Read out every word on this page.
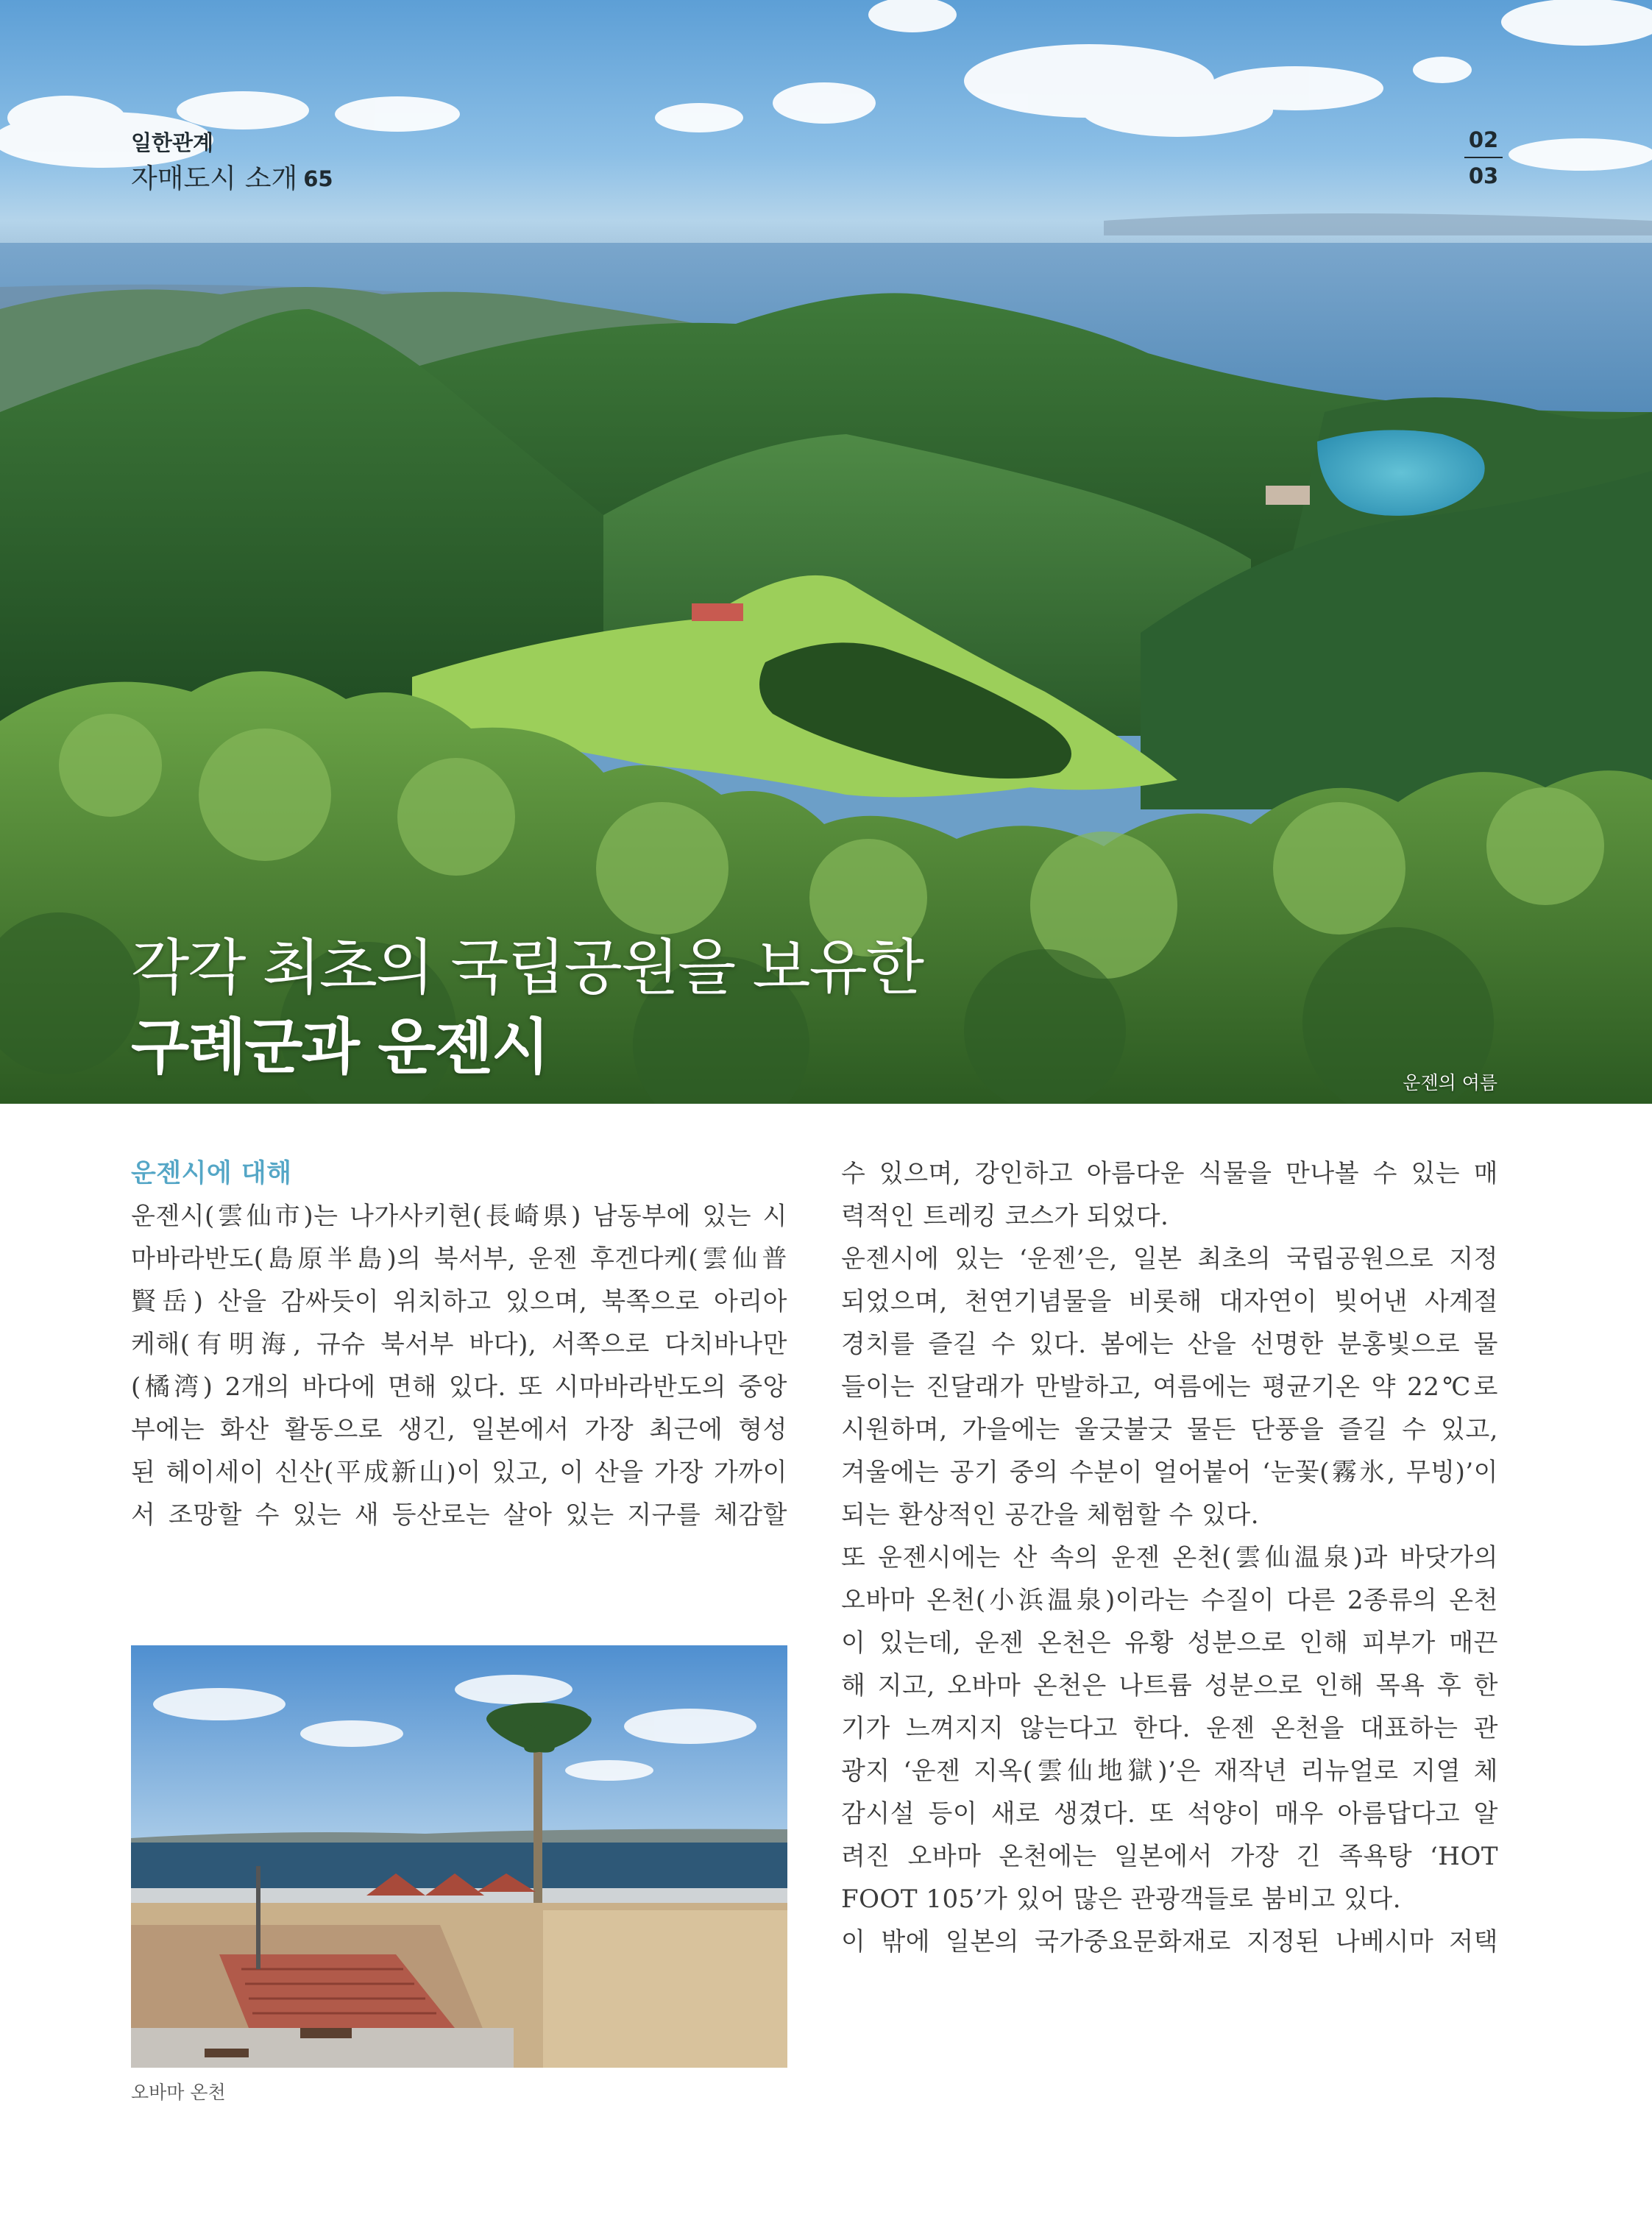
일한관계
자매도시 소개 65
02
03
각각 최초의 국립공원을 보유한
구례군과 운젠시
운젠의 여름
운젠시에 대해

운젠시(雲仙市)는 나가사키현(長崎県) 남동부에 있는 시

마바라반도(島原半島)의 북서부, 운젠 후겐다케(雲仙普

賢岳) 산을 감싸듯이 위치하고 있으며, 북쪽으로 아리아

케해(有明海, 규슈 북서부 바다), 서쪽으로 다치바나만

(橘湾) 2개의 바다에 면해 있다. 또 시마바라반도의 중앙

부에는 화산 활동으로 생긴, 일본에서 가장 최근에 형성

된 헤이세이 신산(平成新山)이 있고, 이 산을 가장 가까이

서 조망할 수 있는 새 등산로는 살아 있는 지구를 체감할

오바마 온천

수 있으며, 강인하고 아름다운 식물을 만나볼 수 있는 매

력적인 트레킹 코스가 되었다.

운젠시에 있는 ‘운젠’은, 일본 최초의 국립공원으로 지정

되었으며, 천연기념물을 비롯해 대자연이 빚어낸 사계절

경치를 즐길 수 있다. 봄에는 산을 선명한 분홍빛으로 물

들이는 진달래가 만발하고, 여름에는 평균기온 약 22℃로

시원하며, 가을에는 울긋불긋 물든 단풍을 즐길 수 있고,

겨울에는 공기 중의 수분이 얼어붙어 ‘눈꽃(霧氷, 무빙)’이

되는 환상적인 공간을 체험할 수 있다.

또 운젠시에는 산 속의 운젠 온천(雲仙温泉)과 바닷가의

오바마 온천(小浜温泉)이라는 수질이 다른 2종류의 온천

이 있는데, 운젠 온천은 유황 성분으로 인해 피부가 매끈

해 지고, 오바마 온천은 나트륨 성분으로 인해 목욕 후 한

기가 느껴지지 않는다고 한다. 운젠 온천을 대표하는 관

광지 ‘운젠 지옥(雲仙地獄)’은 재작년 리뉴얼로 지열 체

감시설 등이 새로 생겼다. 또 석양이 매우 아름답다고 알

려진 오바마 온천에는 일본에서 가장 긴 족욕탕 ‘HOT

FOOT 105’가 있어 많은 관광객들로 붐비고 있다.

이 밖에 일본의 국가중요문화재로 지정된 나베시마 저택
